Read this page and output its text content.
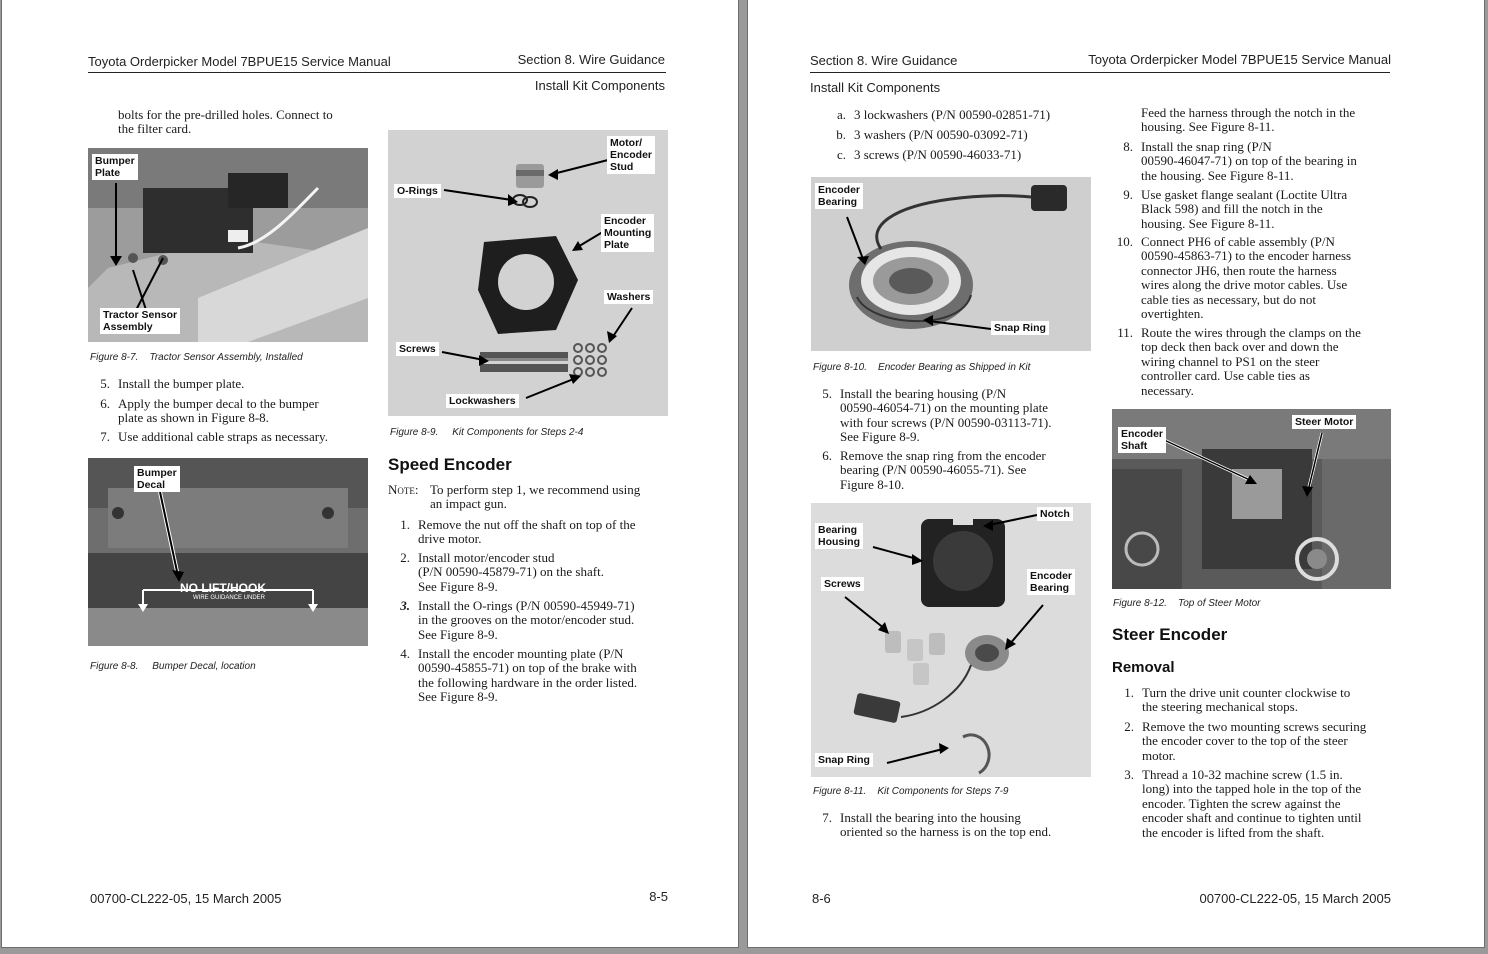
Toyota Orderpicker Model 7BPUE15 Service Manual	Section 8. Wire Guidance
Install Kit Components
bolts for the pre-drilled holes. Connect to
the filter card.
Bumper
Plate
Tractor Sensor
Assembly
Figure 8-7. Tractor Sensor Assembly, Installed
5. Install the bumper plate.
6. Apply the bumper decal to the bumper
plate as shown in Figure 8-8.
7. Use additional cable straps as necessary.
Bumper
Decal
NO LIFT/HOOK
WIRE GUIDANCE UNDER
Figure 8-8. Bumper Decal, location
Motor/
Encoder
Stud
O-Rings
Encoder
Mounting
Plate
Washers
Screws
Lockwashers
Figure 8-9. Kit Components for Steps 2-4
Speed Encoder
Note: To perform step 1, we recommend using
an impact gun.
1. Remove the nut off the shaft on top of the
drive motor.
2. Install motor/encoder stud
(P/N 00590-45879-71) on the shaft.
See Figure 8-9.
3. Install the O-rings (P/N 00590-45949-71)
in the grooves on the motor/encoder stud.
See Figure 8-9.
4. Install the encoder mounting plate (P/N
00590-45855-71) on top of the brake with
the following hardware in the order listed.
See Figure 8-9.
00700-CL222-05, 15 March 2005	8-5
Section 8. Wire Guidance	Toyota Orderpicker Model 7BPUE15 Service Manual
Install Kit Components
a. 3 lockwashers (P/N 00590-02851-71)
b. 3 washers (P/N 00590-03092-71)
c. 3 screws (P/N 00590-46033-71)
Encoder
Bearing
Snap Ring
Figure 8-10. Encoder Bearing as Shipped in Kit
5. Install the bearing housing (P/N
00590-46054-71) on the mounting plate
with four screws (P/N 00590-03113-71).
See Figure 8-9.
6. Remove the snap ring from the encoder
bearing (P/N 00590-46055-71). See
Figure 8-10.
Bearing
Housing
Notch
Screws
Encoder
Bearing
Snap Ring
Figure 8-11. Kit Components for Steps 7-9
7. Install the bearing into the housing
oriented so the harness is on the top end.
Feed the harness through the notch in the
housing. See Figure 8-11.
8. Install the snap ring (P/N
00590-46047-71) on top of the bearing in
the housing. See Figure 8-11.
9. Use gasket flange sealant (Loctite Ultra
Black 598) and fill the notch in the
housing. See Figure 8-11.
10. Connect PH6 of cable assembly (P/N
00590-45863-71) to the encoder harness
connector JH6, then route the harness
wires along the drive motor cables. Use
cable ties as necessary, but do not
overtighten.
11. Route the wires through the clamps on the
top deck then back over and down the
wiring channel to PS1 on the steer
controller card. Use cable ties as
necessary.
Encoder
Shaft
Steer Motor
Figure 8-12. Top of Steer Motor
Steer Encoder
Removal
1. Turn the drive unit counter clockwise to
the steering mechanical stops.
2. Remove the two mounting screws securing
the encoder cover to the top of the steer
motor.
3. Thread a 10-32 machine screw (1.5 in.
long) into the tapped hole in the top of the
encoder. Tighten the screw against the
encoder shaft and continue to tighten until
the encoder is lifted from the shaft.
8-6	00700-CL222-05, 15 March 2005
